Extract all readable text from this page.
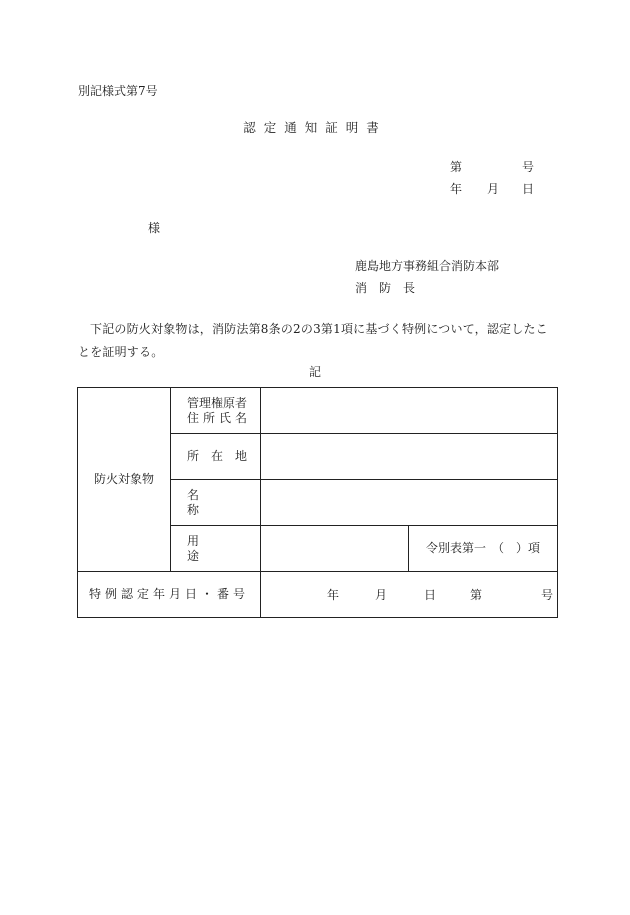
別記様式第7号
認定通知証明書
第	号
年 月 日
様
鹿島地方事務組合消防本部
消防長
下記の防火対象物は，消防法第8条の2の3第1項に基づく特例について，認定したことを証明する。
記
防火対象物	管理権原者
住所氏名		
	所在地		
	名称		
	用途		令別表第一　（　）項
特例認定年月日・番号		年 月 日 第 号	
